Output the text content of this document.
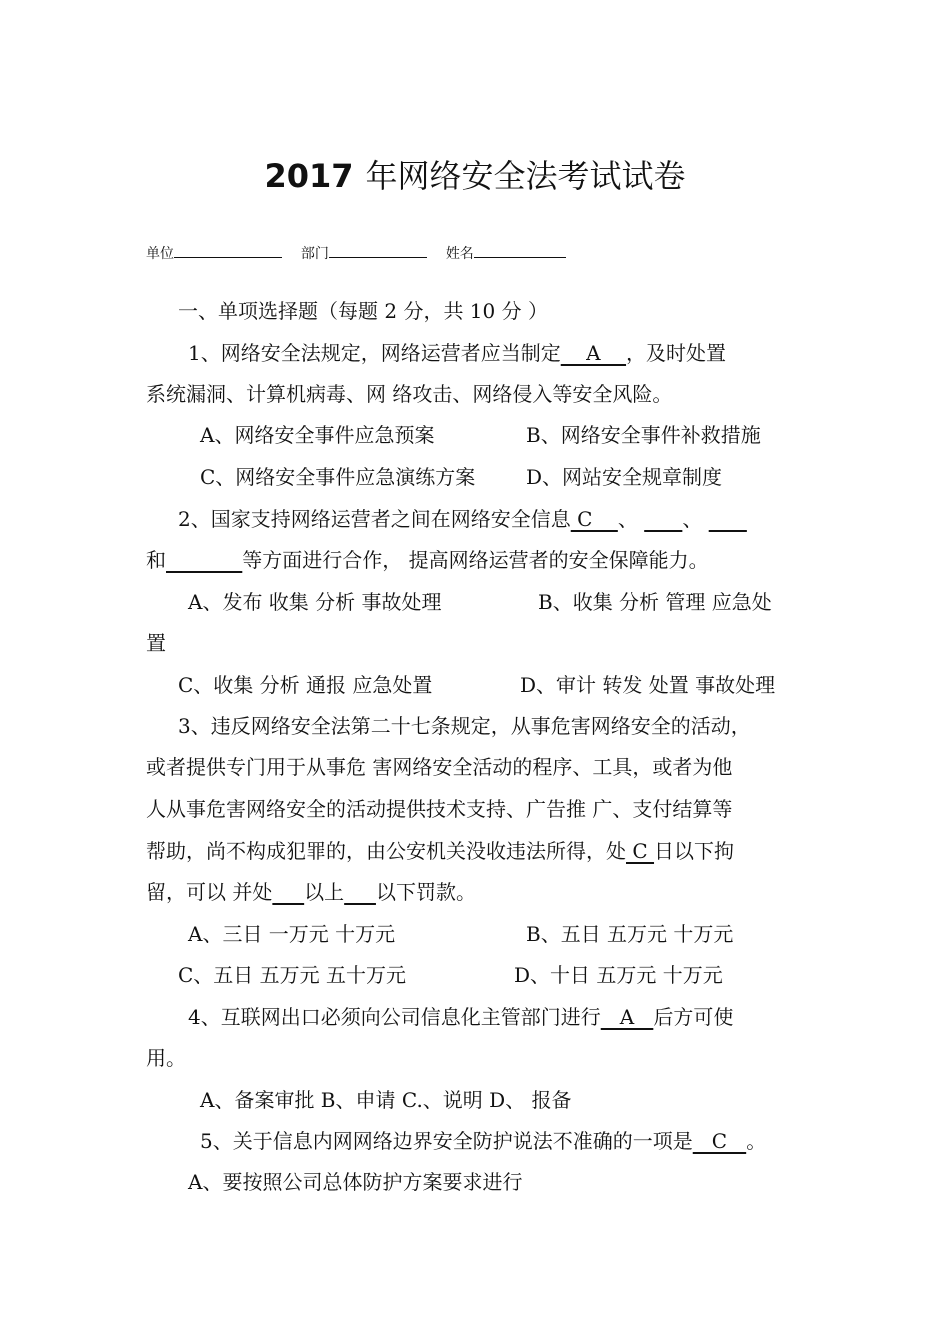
2017 年网络安全法考试试卷
单位	部门	姓名
一、单项选择题（每题 2 分，共 10 分 ）
1、网络安全法规定，网络运营者应当制定    A    ，及时处置
系统漏洞、计算机病毒、网 络攻击、网络侵入等安全风险。
A、网络安全事件应急预案	B、网络安全事件补救措施
C、网络安全事件应急演练方案	D、网站安全规章制度
2、国家支持网络运营者之间在网络安全信息 C    、       、
和	等方面进行合作， 提高网络运营者的安全保障能力。
A、发布 收集 分析 事故处理	B、收集 分析 管理 应急处
置
C、收集 分析 通报 应急处置	D、审计 转发 处置 事故处理
3、违反网络安全法第二十七条规定，从事危害网络安全的活动，
或者提供专门用于从事危 害网络安全活动的程序、工具，或者为他
人从事危害网络安全的活动提供技术支持、广告推 广、支付结算等
帮助，尚不构成犯罪的，由公安机关没收违法所得，处 C 日以下拘
留，可以 并处 以上 以下罚款。
A、三日 一万元 十万元	B、五日 五万元 十万元
C、五日 五万元 五十万元	D、十日 五万元 十万元
4、互联网出口必须向公司信息化主管部门进行   A   后方可使
用。
A、备案审批 B、申请 C.、说明 D、 报备
5、关于信息内网网络边界安全防护说法不准确的一项是   C   。
A、要按照公司总体防护方案要求进行
